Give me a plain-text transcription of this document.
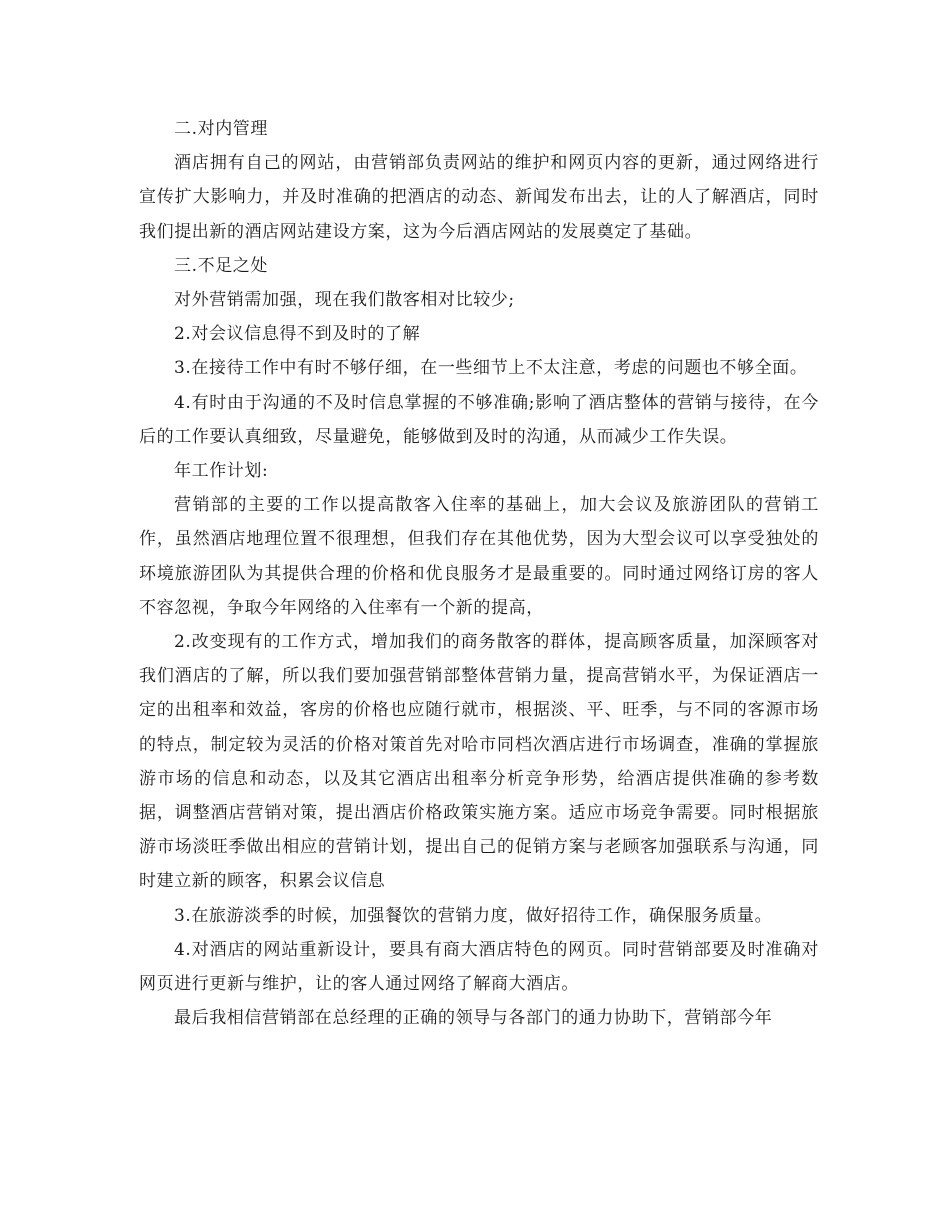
二.对内管理

酒店拥有自己的网站，由营销部负责网站的维护和网页内容的更新，通过网络进行宣传扩大影响力，并及时准确的把酒店的动态、新闻发布出去，让的人了解酒店，同时我们提出新的酒店网站建设方案，这为今后酒店网站的发展奠定了基础。

三.不足之处

对外营销需加强，现在我们散客相对比较少;

2.对会议信息得不到及时的了解

3.在接待工作中有时不够仔细，在一些细节上不太注意，考虑的问题也不够全面。

4.有时由于沟通的不及时信息掌握的不够准确;影响了酒店整体的营销与接待，在今后的工作要认真细致，尽量避免，能够做到及时的沟通，从而减少工作失误。

年工作计划:

营销部的主要的工作以提高散客入住率的基础上，加大会议及旅游团队的营销工作，虽然酒店地理位置不很理想，但我们存在其他优势，因为大型会议可以享受独处的环境旅游团队为其提供合理的价格和优良服务才是最重要的。同时通过网络订房的客人不容忽视，争取今年网络的入住率有一个新的提高，

2.改变现有的工作方式，增加我们的商务散客的群体，提高顾客质量，加深顾客对我们酒店的了解，所以我们要加强营销部整体营销力量，提高营销水平，为保证酒店一定的出租率和效益，客房的价格也应随行就市，根据淡、平、旺季，与不同的客源市场的特点，制定较为灵活的价格对策首先对哈市同档次酒店进行市场调查，准确的掌握旅游市场的信息和动态，以及其它酒店出租率分析竞争形势，给酒店提供准确的参考数据，调整酒店营销对策，提出酒店价格政策实施方案。适应市场竞争需要。同时根据旅游市场淡旺季做出相应的营销计划，提出自己的促销方案与老顾客加强联系与沟通，同时建立新的顾客，积累会议信息

3.在旅游淡季的时候，加强餐饮的营销力度，做好招待工作，确保服务质量。

4.对酒店的网站重新设计，要具有商大酒店特色的网页。同时营销部要及时准确对网页进行更新与维护，让的客人通过网络了解商大酒店。

最后我相信营销部在总经理的正确的领导与各部门的通力协助下，营销部今年
